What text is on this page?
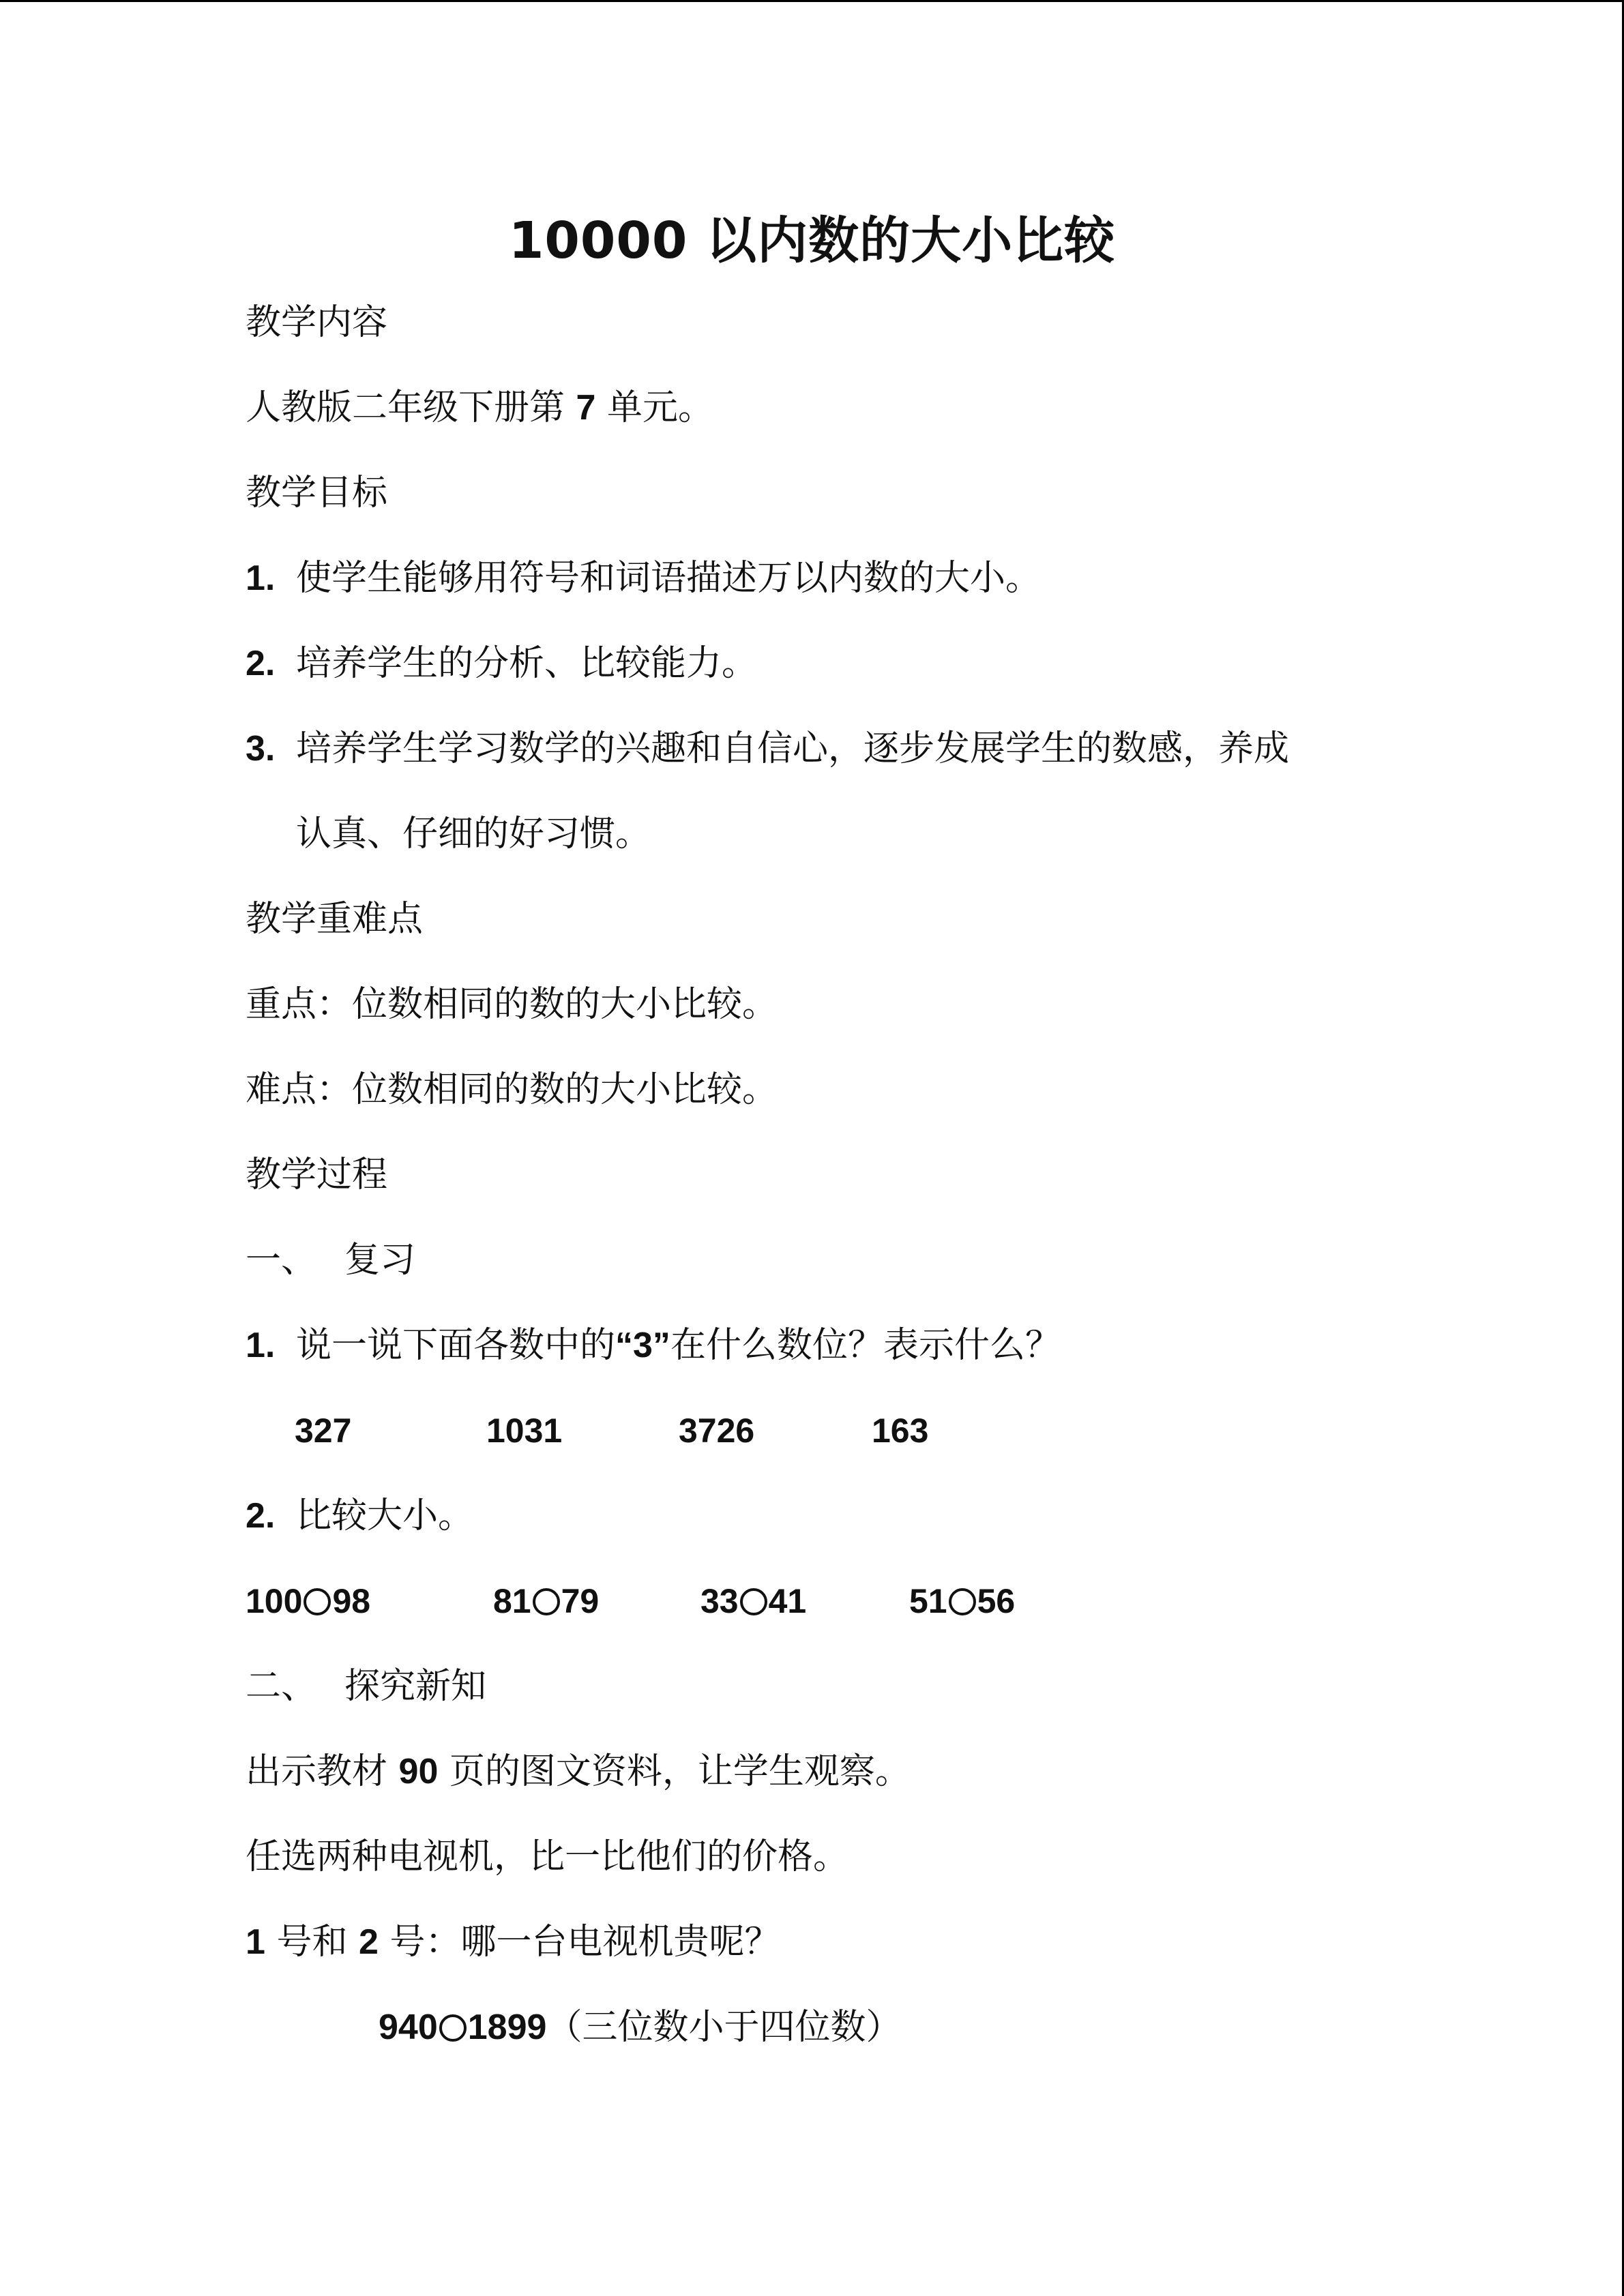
10000 以内数的大小比较
教学内容
人教版二年级下册第 7 单元。
教学目标
1. 使学生能够用符号和词语描述万以内数的大小。
2. 培养学生的分析、比较能力。
3. 培养学生学习数学的兴趣和自信心，逐步发展学生的数感，养成
认真、仔细的好习惯。
教学重难点
重点：位数相同的数的大小比较。
难点：位数相同的数的大小比较。
教学过程
一、 复习
1. 说一说下面各数中的“3”在什么数位？表示什么？
327	1031	3726	163
2. 比较大小。
100 98	81 79	33 41	51 56
二、 探究新知
出示教材 90 页的图文资料，让学生观察。
任选两种电视机，比一比他们的价格。
1 号和 2 号：哪一台电视机贵呢？
940 1899（三位数小于四位数）
